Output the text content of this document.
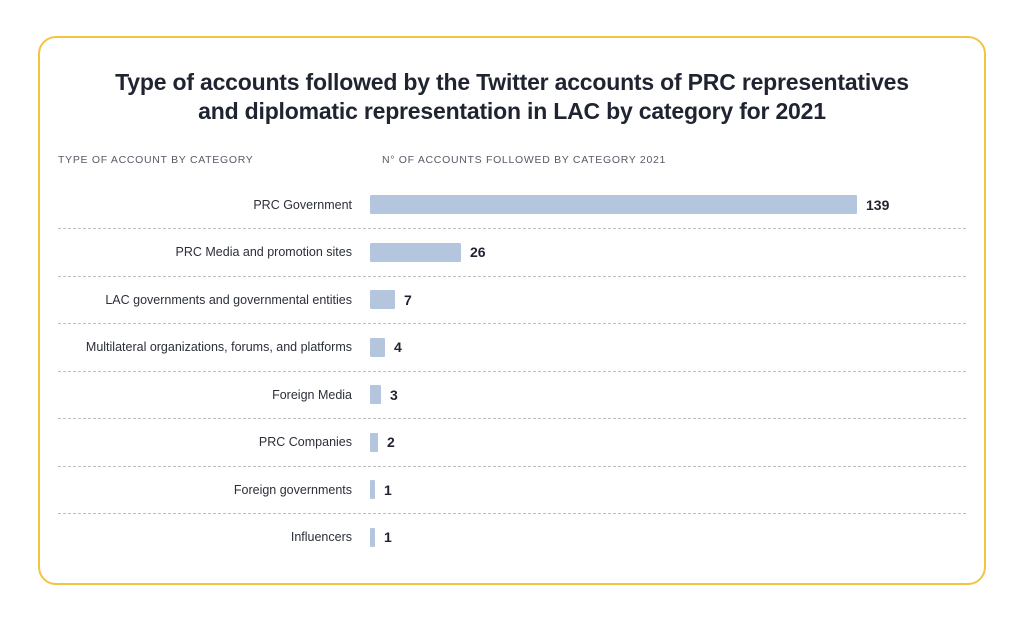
Type of accounts followed by the Twitter accounts of PRC representatives and diplomatic representation in LAC by category for 2021
TYPE OF ACCOUNT BY CATEGORY	N° OF ACCOUNTS FOLLOWED BY CATEGORY 2021
PRC Government	139
PRC Media and promotion sites	26
LAC governments and governmental entities	7
Multilateral organizations, forums, and platforms	4
Foreign Media	3
PRC Companies	2
Foreign governments	1
Influencers	1
